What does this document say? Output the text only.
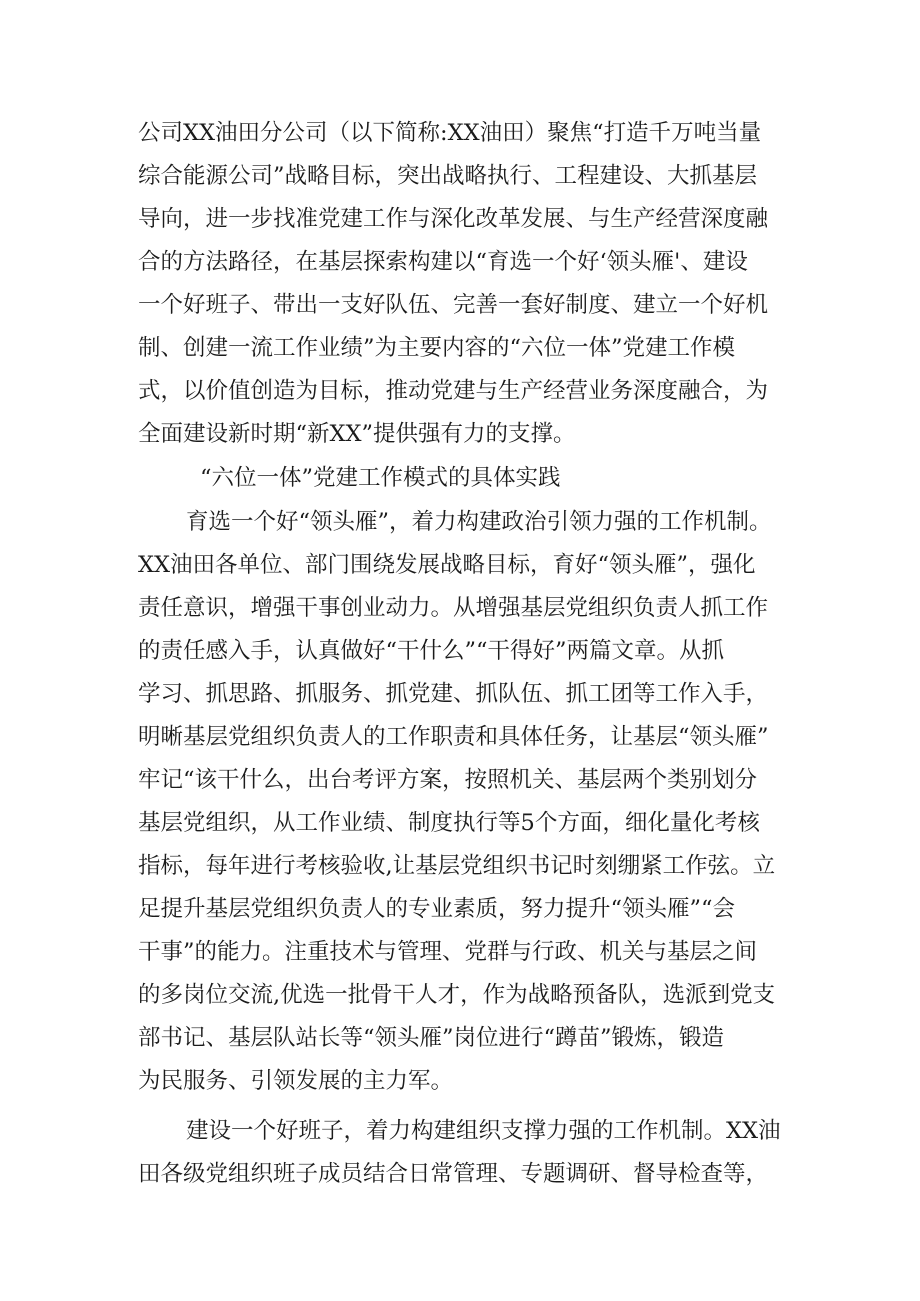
公司XX油田分公司（以下简称:XX油田）聚焦“打造千万吨当量
综合能源公司”战略目标，突出战略执行、工程建设、大抓基层
导向，进一步找准党建工作与深化改革发展、与生产经营深度融
合的方法路径，在基层探索构建以“育选一个好‘领头雁'、建设
一个好班子、带出一支好队伍、完善一套好制度、建立一个好机
制、创建一流工作业绩”为主要内容的“六位一体”党建工作模
式，以价值创造为目标，推动党建与生产经营业务深度融合，为
全面建设新时期“新XX”提供强有力的支撑。
“六位一体”党建工作模式的具体实践
育选一个好“领头雁”，着力构建政治引领力强的工作机制。
XX油田各单位、部门围绕发展战略目标，育好“领头雁”，强化
责任意识，增强干事创业动力。从增强基层党组织负责人抓工作
的责任感入手，认真做好“干什么”“干得好”两篇文章。从抓
学习、抓思路、抓服务、抓党建、抓队伍、抓工团等工作入手，
明晰基层党组织负责人的工作职责和具体任务，让基层“领头雁”
牢记“该干什么，出台考评方案，按照机关、基层两个类别划分
基层党组织，从工作业绩、制度执行等5个方面，细化量化考核
指标，每年进行考核验收,让基层党组织书记时刻绷紧工作弦。立
足提升基层党组织负责人的专业素质，努力提升“领头雁”“会
干事”的能力。注重技术与管理、党群与行政、机关与基层之间
的多岗位交流,优选一批骨干人才，作为战略预备队，选派到党支
部书记、基层队站长等“领头雁”岗位进行“蹲苗”锻炼，锻造
为民服务、引领发展的主力军。
建设一个好班子，着力构建组织支撑力强的工作机制。XX油
田各级党组织班子成员结合日常管理、专题调研、督导检查等，
